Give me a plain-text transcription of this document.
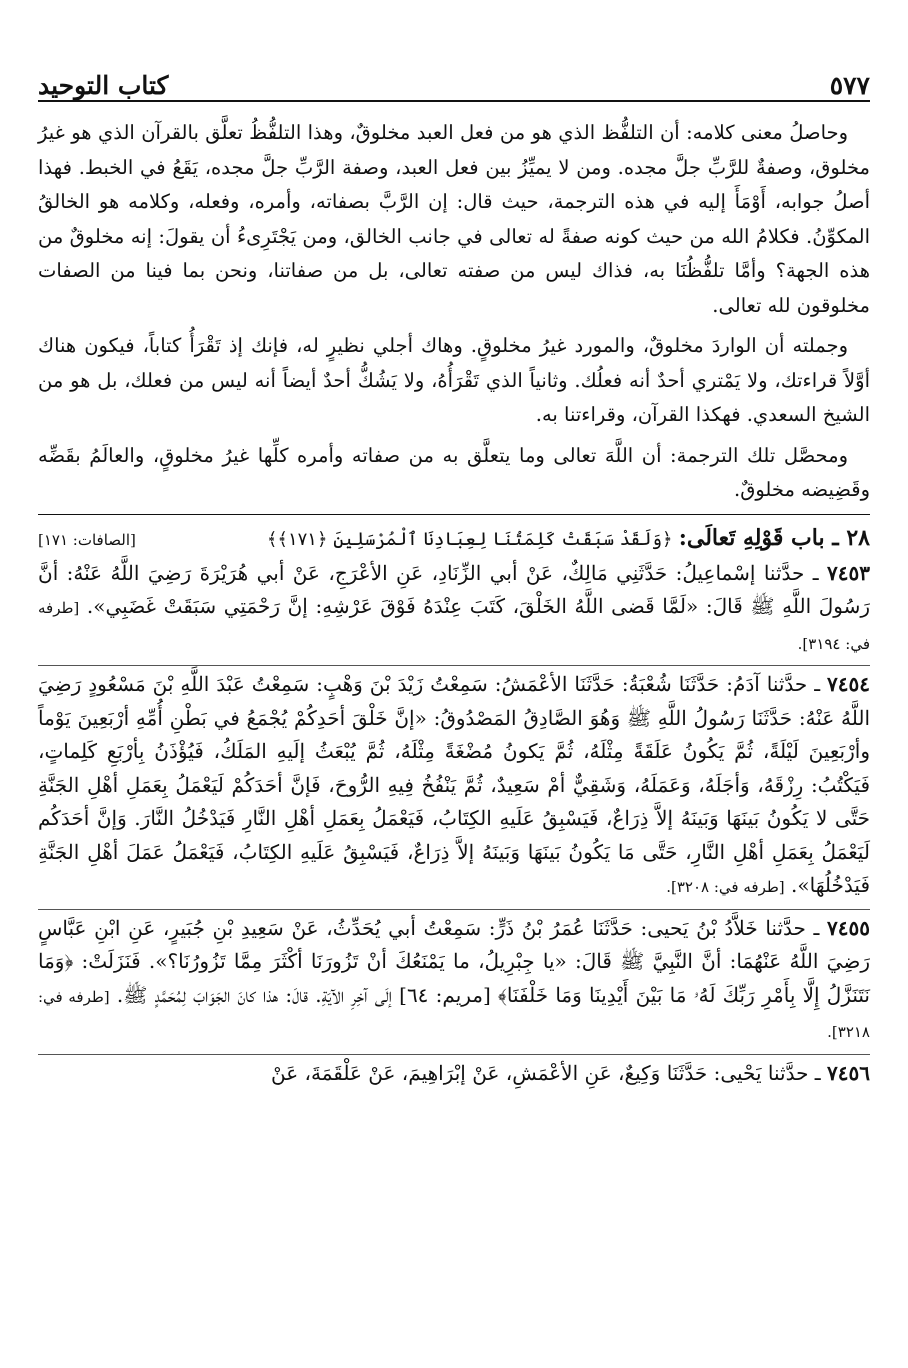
٥٧٧
كتاب التوحيد

وحاصلُ معنى كلامه: أن التلفُّظ الذي هو من فعل العبد مخلوقٌ، وهذا التلفُّظُ تعلَّق بالقرآن الذي هو غيرُ مخلوق، وصفةٌ للرَّبِّ جلَّ مجده. ومن لا يميِّزُ بين فعل العبد، وصفة الرَّبِّ جلَّ مجده، يَقَعُ في الخبط. فهذا أصلُ جوابه، أَوْمَأَ إليه في هذه الترجمة، حيث قال: إن الرَّبَّ بصفاته، وأمره، وفعله، وكلامه هو الخالقُ المكوِّنُ. فكلامُ الله من حيث كونه صفةً له تعالى في جانب الخالق، ومن يَجْتَرِىءُ أن يقولَ: إنه مخلوقٌ من هذه الجهة؟ وأمَّا تلفُّظُنَا به، فذاك ليس من صفته تعالى، بل من صفاتنا، ونحن بما فينا من الصفات مخلوقون لله تعالى.

وجملته أن الواردَ مخلوقٌ، والمورد غيرُ مخلوقٍ. وهاك أجلي نظيرٍ له، فإنك إذ تَقْرَأُ كتاباً، فيكون هناك أوَّلاً قراءتك، ولا يَمْتري أحدٌ أنه فعلُك. وثانياً الذي تَقْرَأُهُ، ولا يَشُكُّ أحدٌ أيضاً أنه ليس من فعلك، بل هو من الشيخ السعدي. فهكذا القرآن، وقراءتنا به.

ومحصَّل تلك الترجمة: أن اللَّهَ تعالى وما يتعلَّق به من صفاته وأمره كلِّها غيرُ مخلوقٍ، والعالَمُ بقَضِّه وقَضِيضه مخلوقٌ.

٢٨ ـ باب قَوْلِهِ تَعالَى: ﴿وَلَقَدْ سَبَقَتْ كَلِمَتُنَا لِعِبَادِنَا ٱلْمُرْسَلِينَ ﴿١٧١﴾﴾
[الصافات: ١٧١]

٧٤٥٣ ـ حدَّثنا إسْماعِيلُ: حَدَّثَنِي مَالِكٌ، عَنْ أبي الزِّنَادِ، عَنِ الأعْرَجِ، عَنْ أبي هُرَيْرَةَ رَضِيَ اللَّهُ عَنْهُ: أنَّ رَسُولَ اللَّهِ ﷺ قَالَ: «لَمَّا قَضى اللَّهُ الخَلْقَ، كَتَبَ عِنْدَهُ فَوْقَ عَرْشِهِ: إنَّ رَحْمَتِي سَبَقَتْ غَضَبِي». [طرفه في: ٣١٩٤].

٧٤٥٤ ـ حدَّثنا آدَمُ: حَدَّثَنَا شُعْبَةُ: حَدَّثَنَا الأعْمَشُ: سَمِعْتُ زَيْدَ بْنَ وَهْبٍ: سَمِعْتُ عَبْدَ اللَّهِ بْنَ مَسْعُودٍ رَضِيَ اللَّهُ عَنْهُ: حَدَّثَنَا رَسُولُ اللَّهِ ﷺ وَهُوَ الصَّادِقُ المَصْدُوقُ: «إنَّ خَلْقَ أحَدِكُمْ يُجْمَعُ في بَطْنِ أُمِّهِ أرْبَعِينَ يَوْماً وأرْبَعِينَ لَيْلَةً، ثُمَّ يَكُونُ عَلَقَةً مِثْلَهُ، ثُمَّ يَكونُ مُضْغَةً مِثْلَهُ، ثُمَّ يُبْعَثُ إلَيهِ المَلَكُ، فَيُؤْذَنُ بِأرْبَعِ كَلِماتٍ، فَيَكْتُبُ: رِزْقَهُ، وَأجَلَهُ، وَعَمَلَهُ، وَشَقِيٌّ أمْ سَعِيدٌ، ثُمَّ يَنْفُخُ فِيهِ الرُّوحَ، فَإنَّ أحَدَكُمْ لَيَعْمَلُ بِعَمَلِ أهْلِ الجَنَّةِ حَتَّى لا يَكُونُ بَينَهَا وَبَينَهُ إلاَّ ذِرَاعٌ، فَيَسْبِقُ عَلَيهِ الكِتَابُ، فَيَعْمَلُ بِعَمَلِ أهْلِ النَّارِ فَيَدْخُلُ النَّارَ. وَإنَّ أحَدَكُم لَيَعْمَلُ بِعَمَلِ أهْلِ النَّارِ، حَتَّى مَا يَكُونُ بَينَهَا وَبَينَهُ إلاَّ ذِرَاعٌ، فَيَسْبِقُ عَلَيهِ الكِتَابُ، فَيَعْمَلُ عَمَلَ أهْلِ الجَنَّةِ فَيَدْخُلُهَا». [طرفه في: ٣٢٠٨].

٧٤٥٥ ـ حدَّثنا خَلاَّدُ بْنُ يَحيى: حَدَّثَنَا عُمَرُ بْنُ ذَرٍّ: سَمِعْتُ أبي يُحَدِّثُ، عَنْ سَعِيدِ بْنِ جُبَيرٍ، عَنِ ابْنِ عَبَّاسٍ رَضِيَ اللَّهُ عَنْهُمَا: أنَّ النَّبِيَّ ﷺ قَالَ: «يا جِبْرِيلُ، ما يَمْنَعُكَ أنْ تَزُورَنَا أكْثَرَ مِمَّا تَزُورُنَا؟». فَنَزَلَتْ: ﴿وَمَا نَتَنَزَّلُ إِلَّا بِأَمْرِ رَبِّكَ لَهُۥ مَا بَيْنَ أَيْدِينَا وَمَا خَلْفَنَا﴾ [مريم: ٦٤] إلَى آخِرِ الآيَةِ. قالَ: هذا كانَ الجَوَابَ لِمُحَمَّدٍ ﷺ. [طرفه في: ٣٢١٨].

٧٤٥٦ ـ حدَّثنا يَحْيى: حَدَّثَنَا وَكِيعٌ، عَنِ الأعْمَشِ، عَنْ إبْرَاهِيمَ، عَنْ عَلْقَمَةَ، عَنْ
